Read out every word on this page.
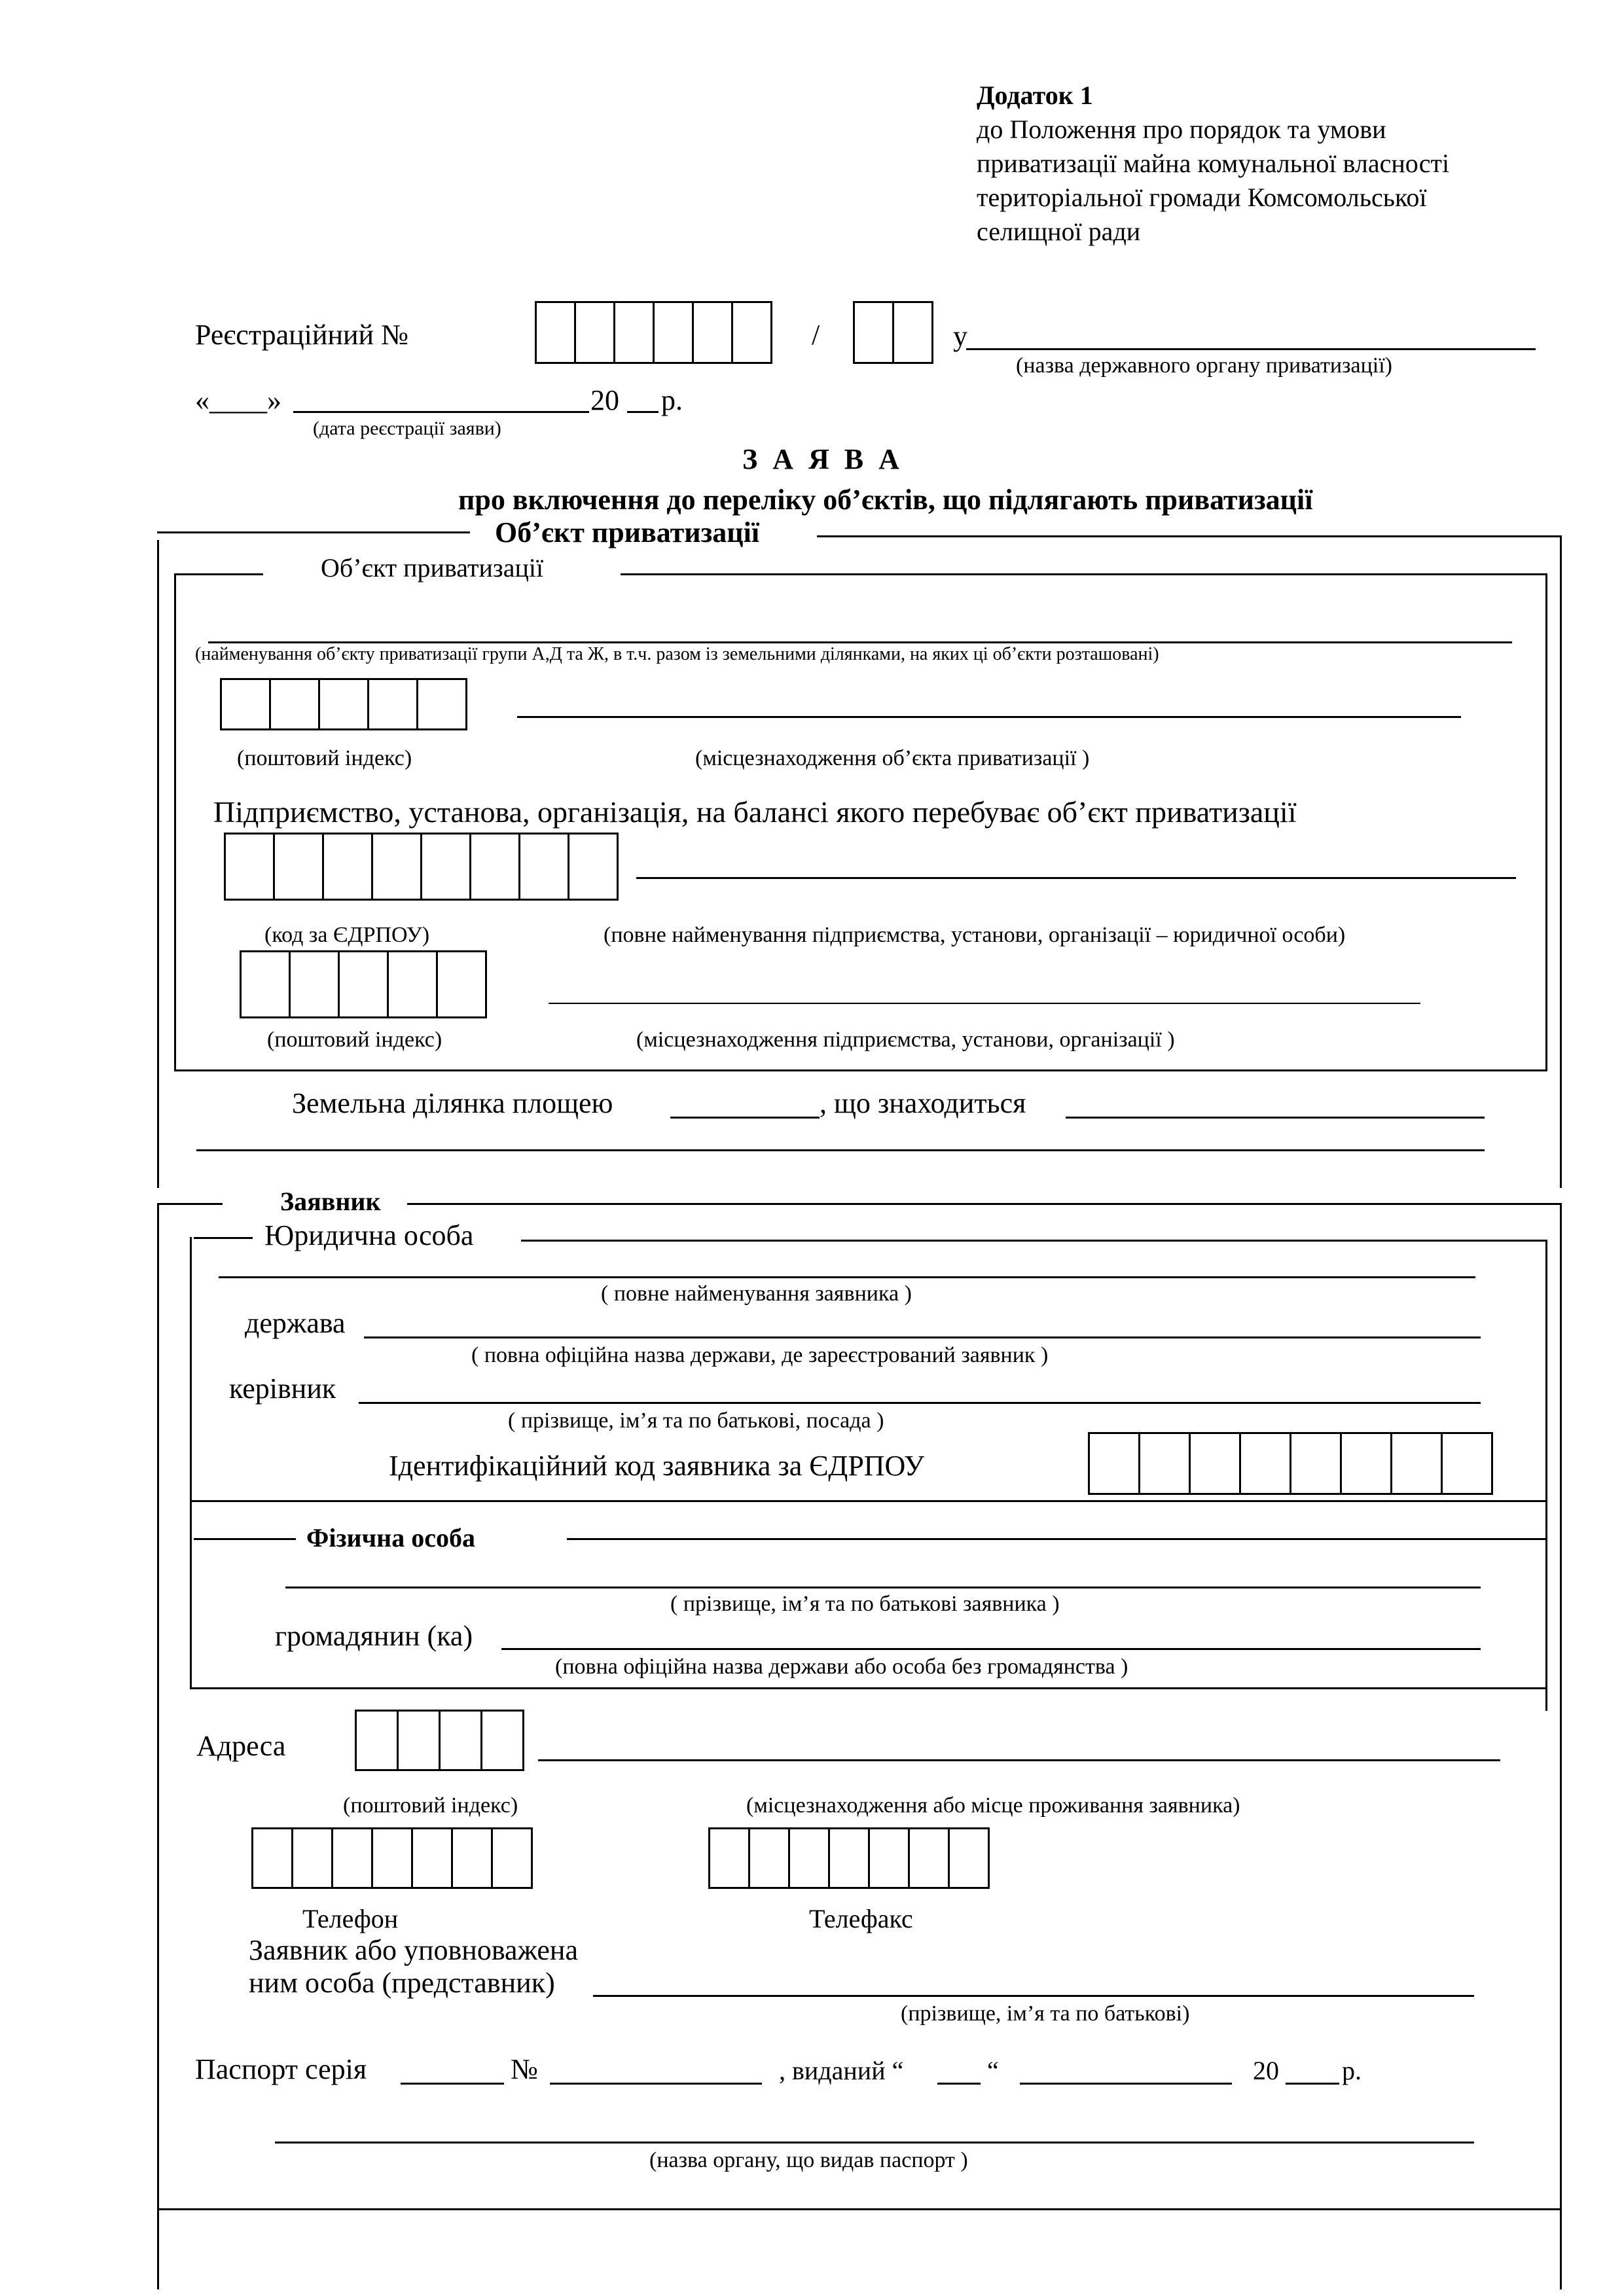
Додаток 1
до Положення про порядок та умови
приватизації майна комунальної власності
територіальної громади Комсомольської
селищної ради
Реєстраційний №	/	у
(назва державного органу приватизації)
«____»	20 р.
(дата реєстрації заяви)
З А Я В А
про включення до переліку об’єктів, що підлягають приватизації
Об’єкт приватизації
Об’єкт приватизації
(найменування об’єкту приватизації групи А,Д та Ж, в т.ч. разом із земельними ділянками, на яких ці об’єкти розташовані)
(поштовий індекс)	(місцезнаходження об’єкта приватизації )
Підприємство, установа, організація, на балансі якого перебуває об’єкт приватизації
(код за ЄДРПОУ)	(повне найменування підприємства, установи, організації – юридичної особи)
(поштовий індекс)	(місцезнаходження підприємства, установи, організації )
Земельна ділянка площею	, що знаходиться
Заявник
Юридична особа
( повне найменування заявника )
держава
( повна офіційна назва держави, де зареєстрований заявник )
керівник
( прізвище, ім’я та по батькові, посада )
Ідентифікаційний код заявника за ЄДРПОУ
Фізична особа
( прізвище, ім’я та по батькові заявника )
громадянин (ка)
(повна офіційна назва держави або особа без громадянства )
Адреса
(поштовий індекс)	(місцезнаходження або місце проживання заявника)
Телефон	Телефакс
Заявник або уповноважена
ним особа (представник)
(прізвище, ім’я та по батькові)
Паспорт серія	№	, виданий “	“	20 р.
(назва органу, що видав паспорт )
